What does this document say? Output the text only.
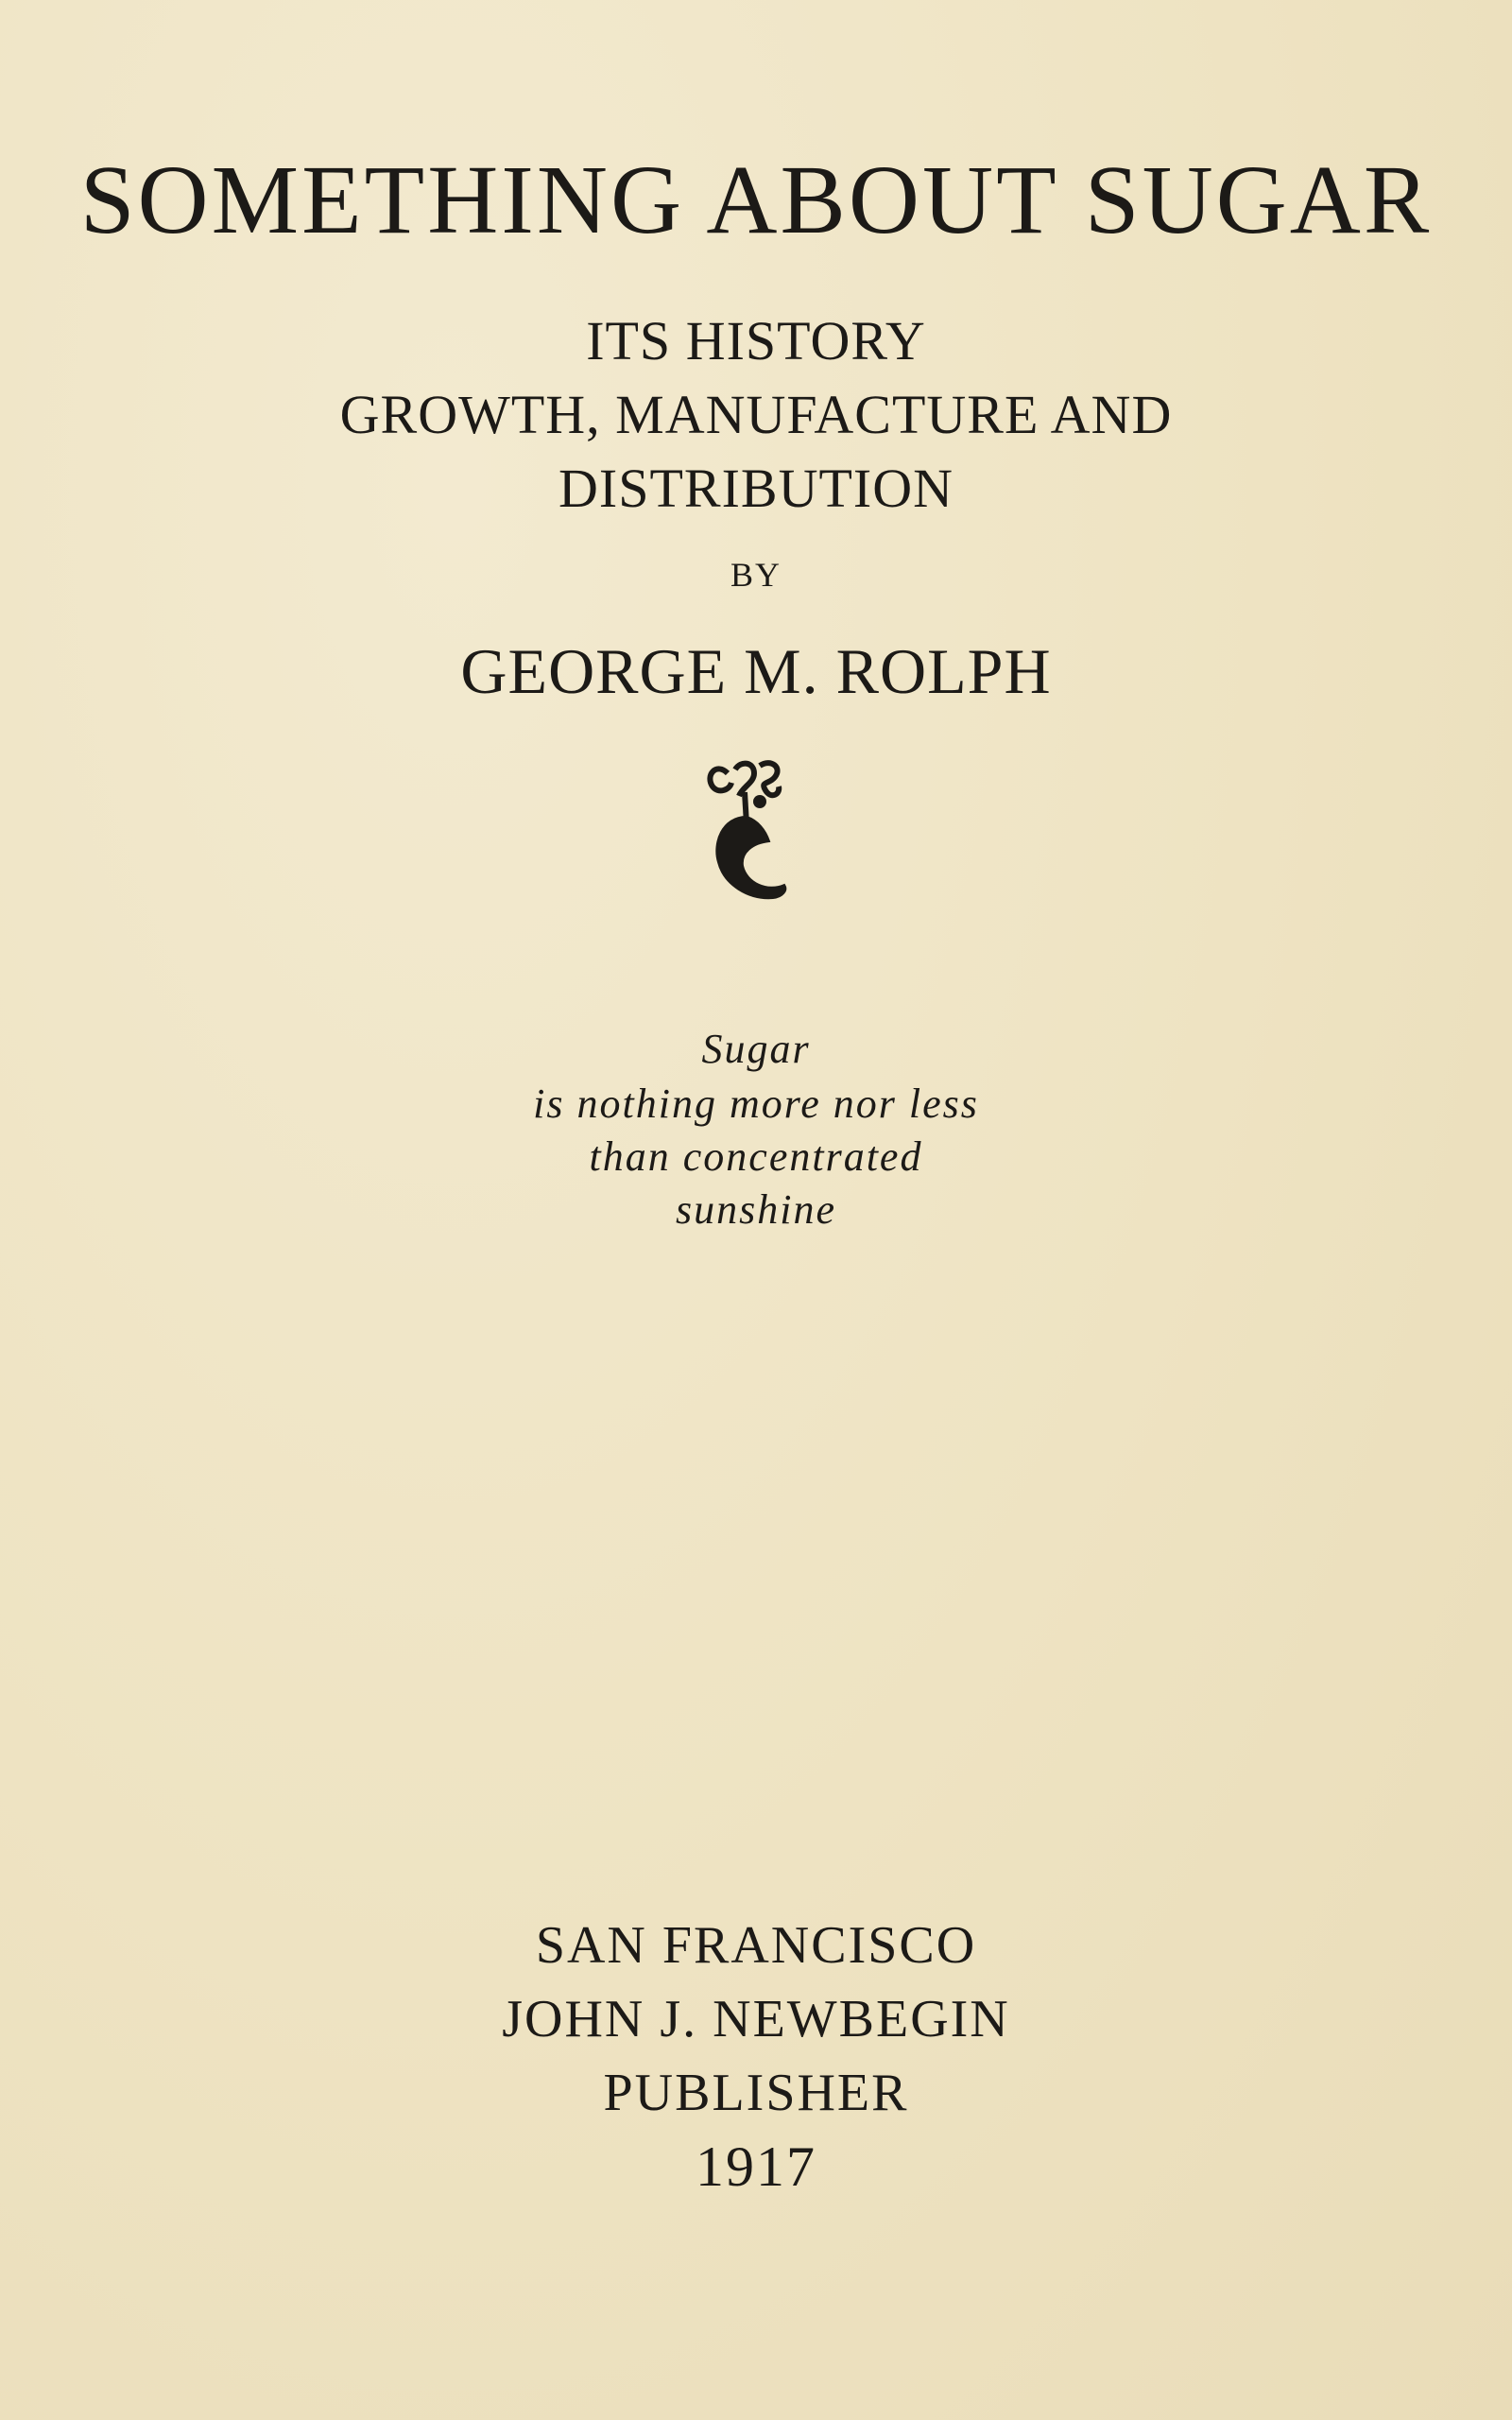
SOMETHING ABOUT SUGAR
ITS HISTORY
GROWTH, MANUFACTURE AND
DISTRIBUTION
BY
GEORGE M. ROLPH
Sugar
is nothing more nor less
than concentrated
sunshine
SAN FRANCISCO
JOHN J. NEWBEGIN
PUBLISHER
1917
